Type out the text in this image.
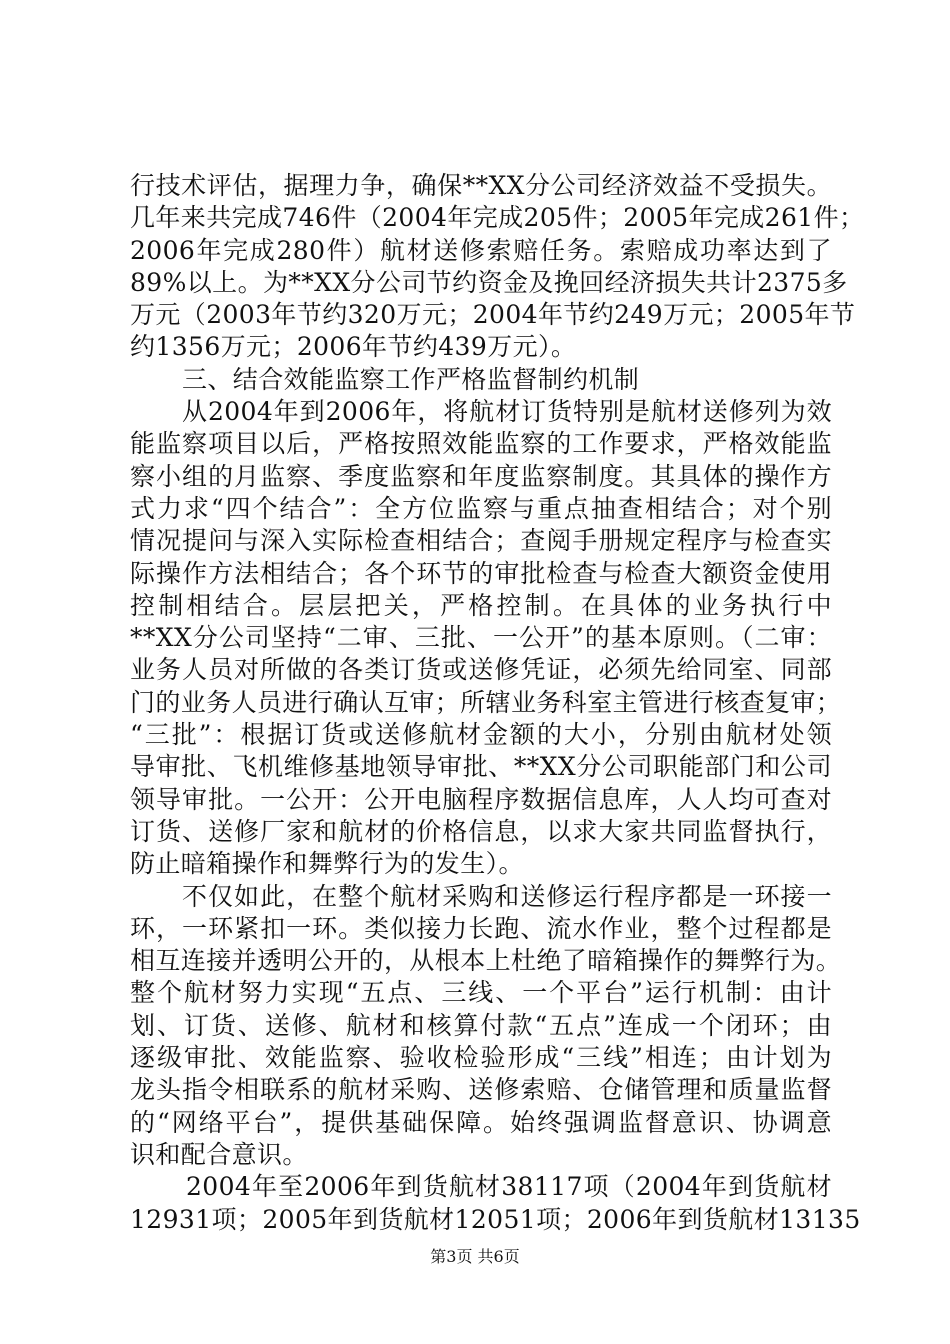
行技术评估，据理力争，确保**XX分公司经济效益不受损失。
几年来共完成746件（2004年完成205件；2005年完成261件；
2006年完成280件）航材送修索赔任务。索赔成功率达到了
89%以上。为**XX分公司节约资金及挽回经济损失共计2375多
万元（2003年节约320万元；2004年节约249万元；2005年节
约1356万元；2006年节约439万元）。
三、结合效能监察工作严格监督制约机制
从2004年到2006年，将航材订货特别是航材送修列为效
能监察项目以后，严格按照效能监察的工作要求，严格效能监
察小组的月监察、季度监察和年度监察制度。其具体的操作方
式力求“四个结合”：全方位监察与重点抽查相结合；对个别
情况提问与深入实际检查相结合；查阅手册规定程序与检查实
际操作方法相结合；各个环节的审批检查与检查大额资金使用
控制相结合。层层把关，严格控制。在具体的业务执行中
**XX分公司坚持“二审、三批、一公开”的基本原则。（二审：
业务人员对所做的各类订货或送修凭证，必须先给同室、同部
门的业务人员进行确认互审；所辖业务科室主管进行核查复审；
“三批”：根据订货或送修航材金额的大小，分别由航材处领
导审批、飞机维修基地领导审批、**XX分公司职能部门和公司
领导审批。一公开：公开电脑程序数据信息库，人人均可查对
订货、送修厂家和航材的价格信息，以求大家共同监督执行，
防止暗箱操作和舞弊行为的发生）。
不仅如此，在整个航材采购和送修运行程序都是一环接一
环，一环紧扣一环。类似接力长跑、流水作业，整个过程都是
相互连接并透明公开的，从根本上杜绝了暗箱操作的舞弊行为。
整个航材努力实现“五点、三线、一个平台”运行机制：由计
划、订货、送修、航材和核算付款“五点”连成一个闭环；由
逐级审批、效能监察、验收检验形成“三线”相连；由计划为
龙头指令相联系的航材采购、送修索赔、仓储管理和质量监督
的“网络平台”，提供基础保障。始终强调监督意识、协调意
识和配合意识。
2004年至2006年到货航材38117项（2004年到货航材
12931项；2005年到货航材12051项；2006年到货航材13135
第3页 共6页
